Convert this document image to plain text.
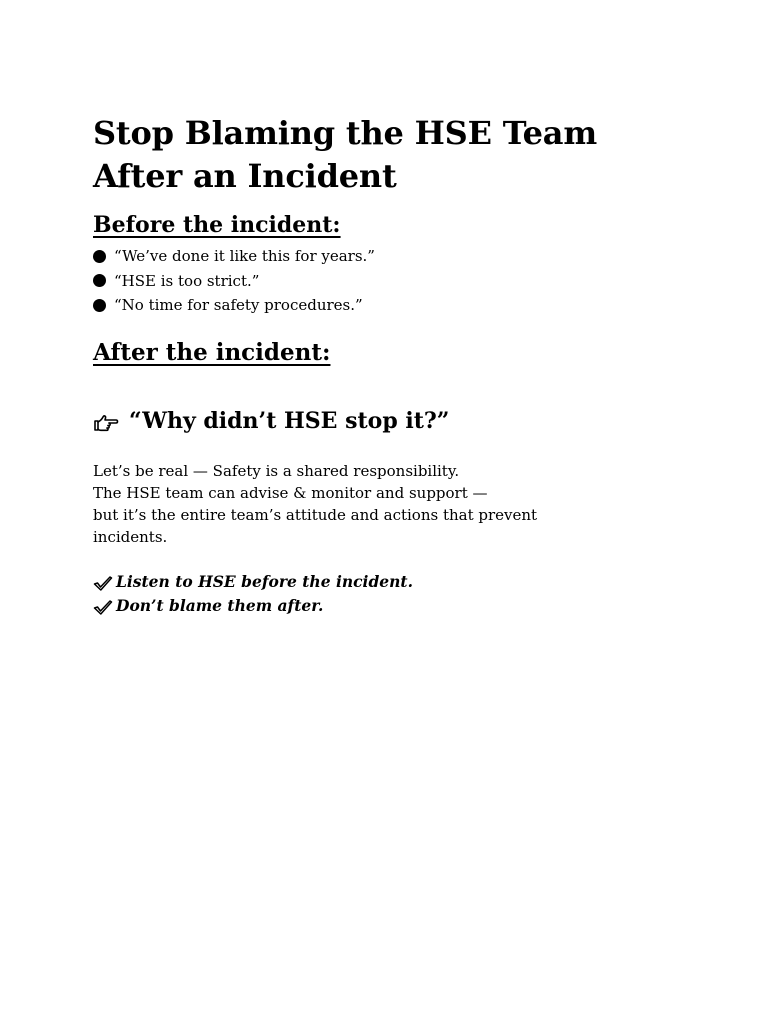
Stop Blaming the HSE Team
After an Incident
Before the incident:
“We’ve done it like this for years.”
“HSE is too strict.”
“No time for safety procedures.”
After the incident:
“Why didn’t HSE stop it?”
Let’s be real — Safety is a shared responsibility.
The HSE team can advise & monitor and support —
but it’s the entire team’s attitude and actions that prevent
incidents.
Listen to HSE before the incident.
Don’t blame them after.
